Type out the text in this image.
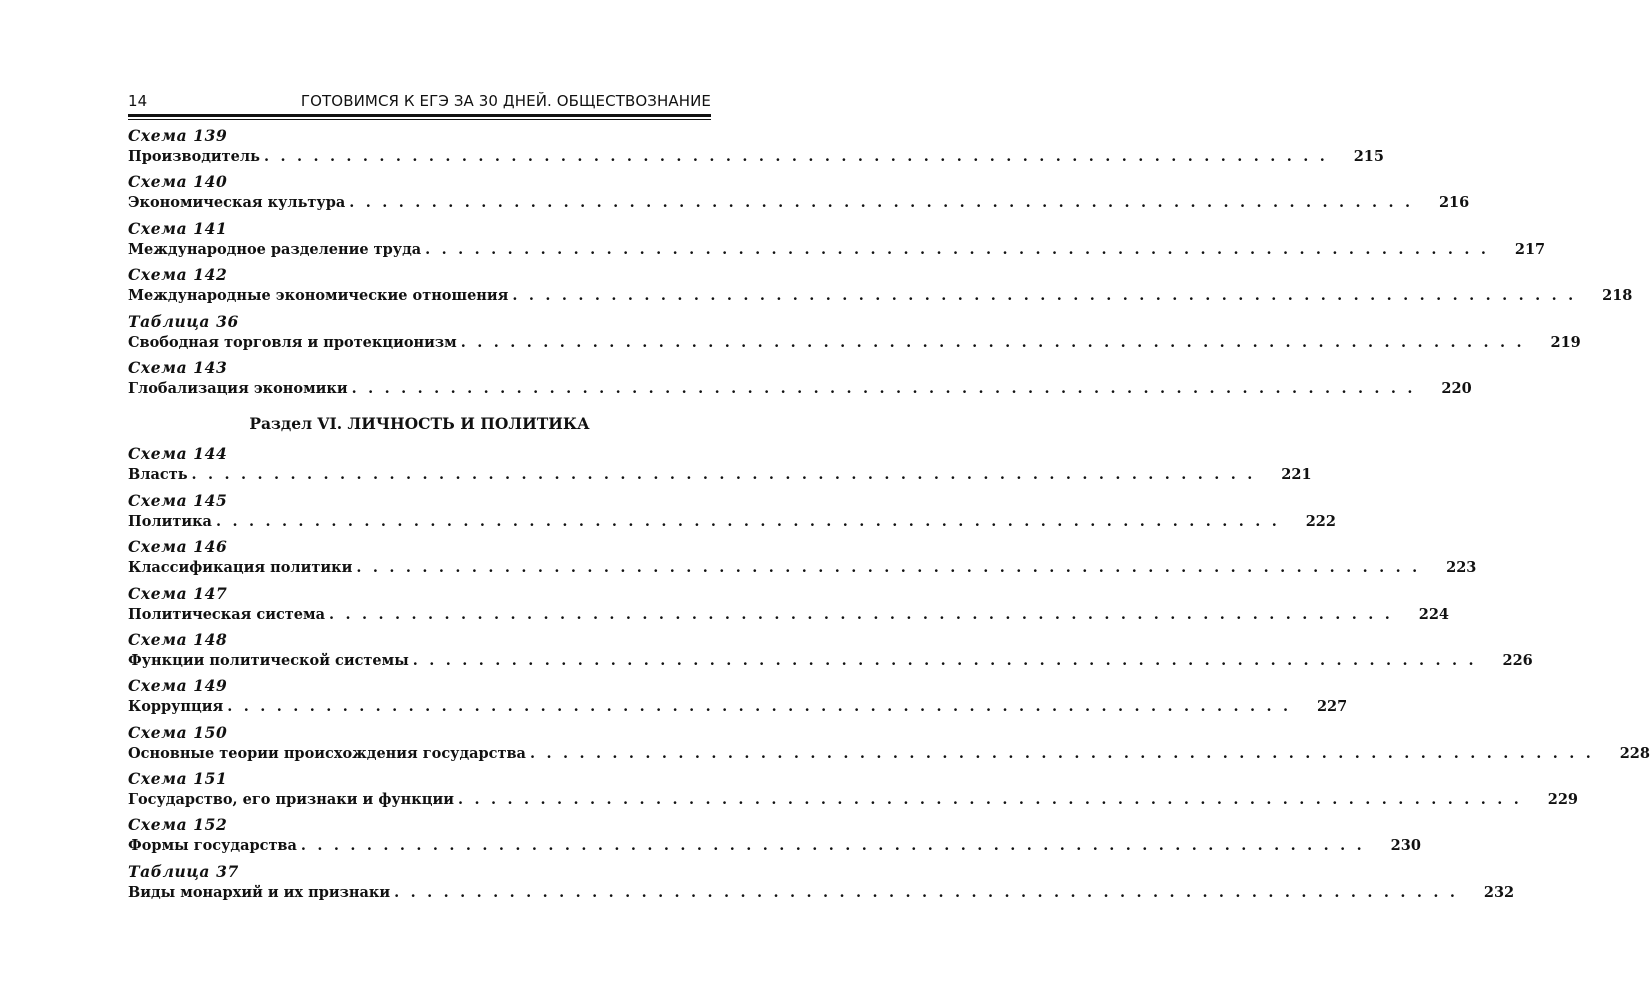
14	ГОТОВИМСЯ К ЕГЭ ЗА 30 ДНЕЙ. ОБЩЕСТВОЗНАНИЕ
Схема 139
Производитель . . . . . . . . . . . . . . . . . . . . . . . . . . . . . . . . . . . . . . . . . . . . . . . . . . . . . . . . . . . . . . . . .	215
Схема 140
Экономическая культура . . . . . . . . . . . . . . . . . . . . . . . . . . . . . . . . . . . . . . . . . . . . . . . . . . . . . . . . . . . . . . . . .	216
Схема 141
Международное разделение труда . . . . . . . . . . . . . . . . . . . . . . . . . . . . . . . . . . . . . . . . . . . . . . . . . . . . . . . . . . . . . . . . .	217
Схема 142
Международные экономические отношения . . . . . . . . . . . . . . . . . . . . . . . . . . . . . . . . . . . . . . . . . . . . . . . . . . . . . . . . . . . . . . . . .	218
Таблица 36
Свободная торговля и протекционизм . . . . . . . . . . . . . . . . . . . . . . . . . . . . . . . . . . . . . . . . . . . . . . . . . . . . . . . . . . . . . . . . .	219
Схема 143
Глобализация экономики . . . . . . . . . . . . . . . . . . . . . . . . . . . . . . . . . . . . . . . . . . . . . . . . . . . . . . . . . . . . . . . . .	220
Раздел VI. ЛИЧНОСТЬ И ПОЛИТИКА
Схема 144
Власть . . . . . . . . . . . . . . . . . . . . . . . . . . . . . . . . . . . . . . . . . . . . . . . . . . . . . . . . . . . . . . . . .	221
Схема 145
Политика . . . . . . . . . . . . . . . . . . . . . . . . . . . . . . . . . . . . . . . . . . . . . . . . . . . . . . . . . . . . . . . . .	222
Схема 146
Классификация политики . . . . . . . . . . . . . . . . . . . . . . . . . . . . . . . . . . . . . . . . . . . . . . . . . . . . . . . . . . . . . . . . .	223
Схема 147
Политическая система . . . . . . . . . . . . . . . . . . . . . . . . . . . . . . . . . . . . . . . . . . . . . . . . . . . . . . . . . . . . . . . . .	224
Схема 148
Функции политической системы . . . . . . . . . . . . . . . . . . . . . . . . . . . . . . . . . . . . . . . . . . . . . . . . . . . . . . . . . . . . . . . . .	226
Схема 149
Коррупция . . . . . . . . . . . . . . . . . . . . . . . . . . . . . . . . . . . . . . . . . . . . . . . . . . . . . . . . . . . . . . . . .	227
Схема 150
Основные теории происхождения государства . . . . . . . . . . . . . . . . . . . . . . . . . . . . . . . . . . . . . . . . . . . . . . . . . . . . . . . . . . . . . . . . .	228
Схема 151
Государство, его признаки и функции . . . . . . . . . . . . . . . . . . . . . . . . . . . . . . . . . . . . . . . . . . . . . . . . . . . . . . . . . . . . . . . . .	229
Схема 152
Формы государства . . . . . . . . . . . . . . . . . . . . . . . . . . . . . . . . . . . . . . . . . . . . . . . . . . . . . . . . . . . . . . . . .	230
Таблица 37
Виды монархий и их признаки . . . . . . . . . . . . . . . . . . . . . . . . . . . . . . . . . . . . . . . . . . . . . . . . . . . . . . . . . . . . . . . . .	232
